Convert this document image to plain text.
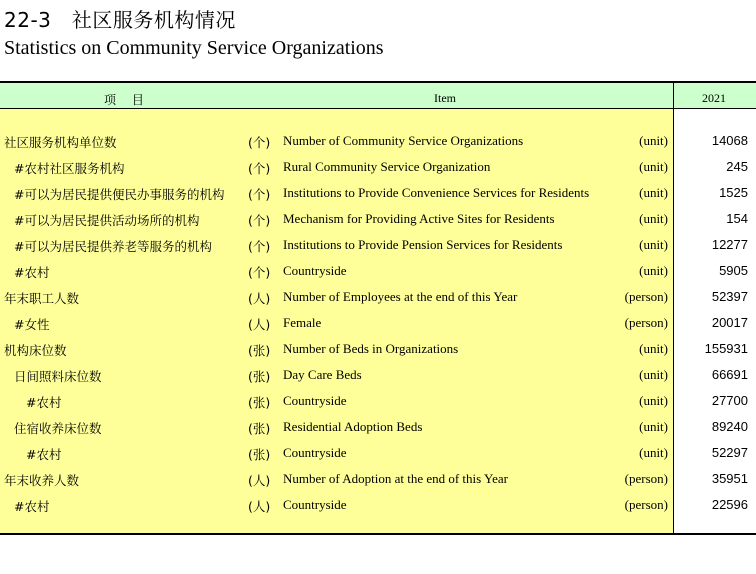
22-3　社区服务机构情况
Statistics on Community Service Organizations
项 目	Item	2021
社区服务机构单位数	(个) Number of Community Service Organizations	(unit)	14068
#农村社区服务机构	(个) Rural Community Service Organization	(unit)	245
#可以为居民提供便民办事服务的机构 (个) Institutions to Provide Convenience Services for Residents	(unit)	1525
#可以为居民提供活动场所的机构	(个) Mechanism for Providing Active Sites for Residents	(unit)	154
#可以为居民提供养老等服务的机构	(个) Institutions to Provide Pension Services for Residents	(unit)	12277
#农村	(个) Countryside	(unit)	5905
年末职工人数	(人) Number of Employees at the end of this Year	(person)	52397
#女性	(人) Female	(person)	20017
机构床位数	(张) Number of Beds in Organizations	(unit)	155931
日间照料床位数	(张) Day Care Beds	(unit)	66691
#农村	(张) Countryside	(unit)	27700
住宿收养床位数	(张) Residential Adoption Beds	(unit)	89240
#农村	(张) Countryside	(unit)	52297
年末收养人数	(人) Number of Adoption at the end of this Year	(person)	35951
#农村	(人) Countryside	(person)	22596
